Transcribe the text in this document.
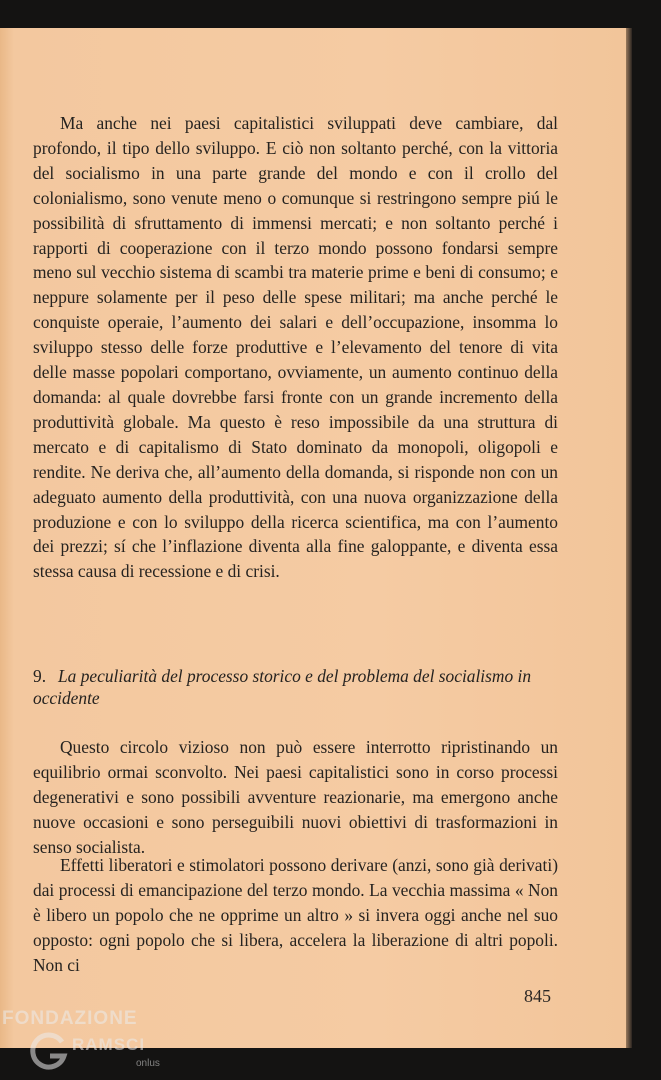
Ma anche nei paesi capitalistici sviluppati deve cambiare, dal profondo, il tipo dello sviluppo. E ciò non soltanto perché, con la vittoria del socialismo in una parte grande del mondo e con il crollo del colonialismo, sono venute meno o comunque si restringono sempre piú le possibilità di sfruttamento di immensi mercati; e non soltanto perché i rapporti di cooperazione con il terzo mondo possono fondarsi sempre meno sul vecchio sistema di scambi tra materie prime e beni di consumo; e neppure solamente per il peso delle spese militari; ma anche perché le conquiste operaie, l’aumento dei salari e dell’occupazione, insomma lo sviluppo stesso delle forze produttive e l’elevamento del tenore di vita delle masse popolari comportano, ovviamente, un aumento continuo della domanda: al quale dovrebbe farsi fronte con un grande incremento della produttività globale. Ma questo è reso impossibile da una struttura di mercato e di capitalismo di Stato dominato da monopoli, oligopoli e rendite. Ne deriva che, all’aumento della domanda, si risponde non con un adeguato aumento della produttività, con una nuova organizzazione della produzione e con lo sviluppo della ricerca scientifica, ma con l’aumento dei prezzi; sí che l’inflazione diventa alla fine galoppante, e diventa essa stessa causa di recessione e di crisi.

9. La peculiarità del processo storico e del problema del socialismo in occidente

Questo circolo vizioso non può essere interrotto ripristinando un equilibrio ormai sconvolto. Nei paesi capitalistici sono in corso processi degenerativi e sono possibili avventure reazionarie, ma emergono anche nuove occasioni e sono perseguibili nuovi obiettivi di trasformazioni in senso socialista.

Effetti liberatori e stimolatori possono derivare (anzi, sono già derivati) dai processi di emancipazione del terzo mondo. La vecchia massima « Non è libero un popolo che ne opprime un altro » si invera oggi anche nel suo opposto: ogni popolo che si libera, accelera la liberazione di altri popoli. Non ci

845

FONDAZIONE
RAMSCI
onlus
